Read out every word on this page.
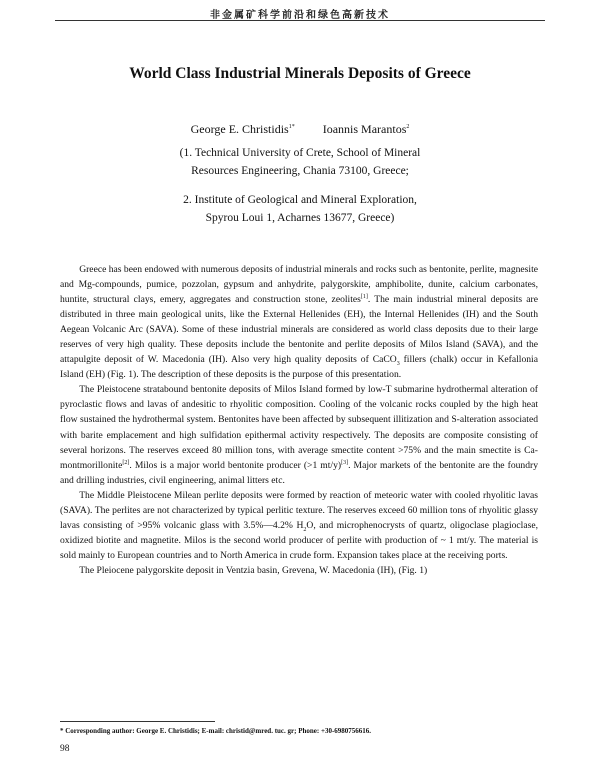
非金属矿科学前沿和绿色高新技术
World Class Industrial Minerals Deposits of Greece
George E. Christidis$^{1*}$ Ioannis Marantos$^2$
(1. Technical University of Crete, School of Mineral
Resources Engineering, Chania 73100, Greece;
2. Institute of Geological and Mineral Exploration,
Spyrou Loui 1, Acharnes 13677, Greece)

Greece has been endowed with numerous deposits of industrial minerals and rocks such as bentonite, perlite, magnesite and Mg-compounds, pumice, pozzolan, gypsum and anhydrite, palygorskite, amphibolite, dunite, calcium carbonates, huntite, structural clays, emery, aggregates and construction stone, zeolites[1]. The main industrial mineral deposits are distributed in three main geological units, like the External Hellenides (EH), the Internal Hellenides (IH) and the South Aegean Volcanic Arc (SAVA). Some of these industrial minerals are considered as world class deposits due to their large reserves of very high quality. These deposits include the bentonite and perlite deposits of Milos Island (SAVA), and the attapulgite deposit of W. Macedonia (IH). Also very high quality deposits of CaCO$_3$ fillers (chalk) occur in Kefallonia Island (EH) (Fig. 1). The description of these deposits is the purpose of this presentation.

The Pleistocene stratabound bentonite deposits of Milos Island formed by low-T submarine hydrothermal alteration of pyroclastic flows and lavas of andesitic to rhyolitic composition. Cooling of the volcanic rocks coupled by the high heat flow sustained the hydrothermal system. Bentonites have been affected by subsequent illitization and S-alteration associated with barite emplacement and high sulfidation epithermal activity respectively. The deposits are composite consisting of several horizons. The reserves exceed 80 million tons, with average smectite content >75% and the main smectite is Ca-montmorillonite[2]. Milos is a major world bentonite producer (>1 mt/y)[3]. Major markets of the bentonite are the foundry and drilling industries, civil engineering, animal litters etc.

The Middle Pleistocene Milean perlite deposits were formed by reaction of meteoric water with cooled rhyolitic lavas (SAVA). The perlites are not characterized by typical perlitic texture. The reserves exceed 60 million tons of rhyolitic glassy lavas consisting of >95% volcanic glass with 3.5%—4.2% $H_2O$, and microphenocrysts of quartz, oligoclase plagioclase, oxidized biotite and magnetite. Milos is the second world producer of perlite with production of ~ 1 mt/y. The material is sold mainly to European countries and to North America in crude form. Expansion takes place at the receiving ports.

The Pleiocene palygorskite deposit in Ventzia basin, Grevena, W. Macedonia (IH), (Fig. 1)

* Corresponding author: George E. Christidis; E-mail: christid@mred. tuc. gr; Phone: +30-6980756616.
98
